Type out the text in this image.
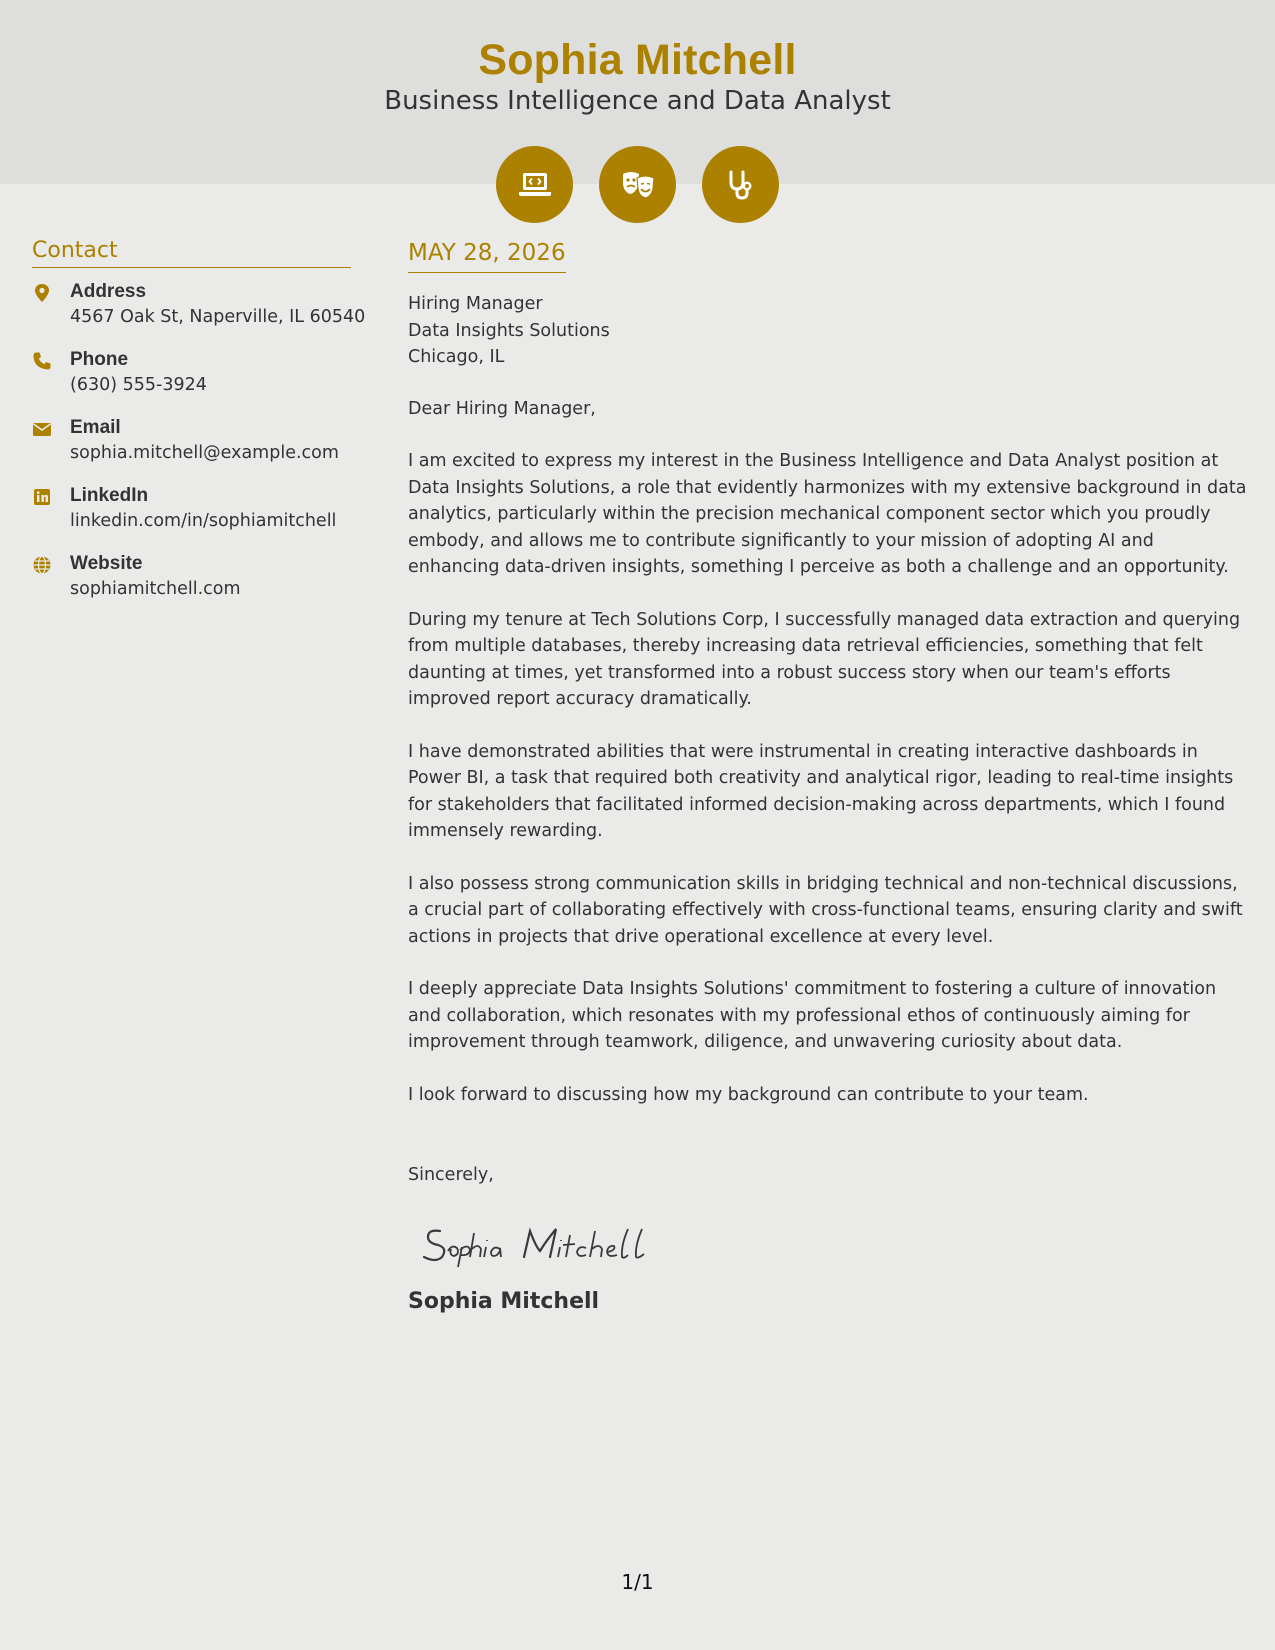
Sophia Mitchell
Business Intelligence and Data Analyst
Contact
Address
4567 Oak St, Naperville, IL 60540
Phone
(630) 555-3924
Email
sophia.mitchell@example.com
LinkedIn
linkedin.com/in/sophiamitchell
Website
sophiamitchell.com
MAY 28, 2026
Hiring Manager
Data Insights Solutions
Chicago, IL
Dear Hiring Manager,
I am excited to express my interest in the Business Intelligence and Data Analyst position at Data Insights Solutions, a role that evidently harmonizes with my extensive background in data analytics, particularly within the precision mechanical component sector which you proudly embody, and allows me to contribute significantly to your mission of adopting AI and enhancing data-driven insights, something I perceive as both a challenge and an opportunity.
During my tenure at Tech Solutions Corp, I successfully managed data extraction and querying from multiple databases, thereby increasing data retrieval efficiencies, something that felt daunting at times, yet transformed into a robust success story when our team's efforts improved report accuracy dramatically.
I have demonstrated abilities that were instrumental in creating interactive dashboards in Power BI, a task that required both creativity and analytical rigor, leading to real-time insights for stakeholders that facilitated informed decision-making across departments, which I found immensely rewarding.
I also possess strong communication skills in bridging technical and non-technical discussions, a crucial part of collaborating effectively with cross-functional teams, ensuring clarity and swift actions in projects that drive operational excellence at every level.
I deeply appreciate Data Insights Solutions' commitment to fostering a culture of innovation and collaboration, which resonates with my professional ethos of continuously aiming for improvement through teamwork, diligence, and unwavering curiosity about data.
I look forward to discussing how my background can contribute to your team.
Sincerely,
Sophia Mitchell
1/1
